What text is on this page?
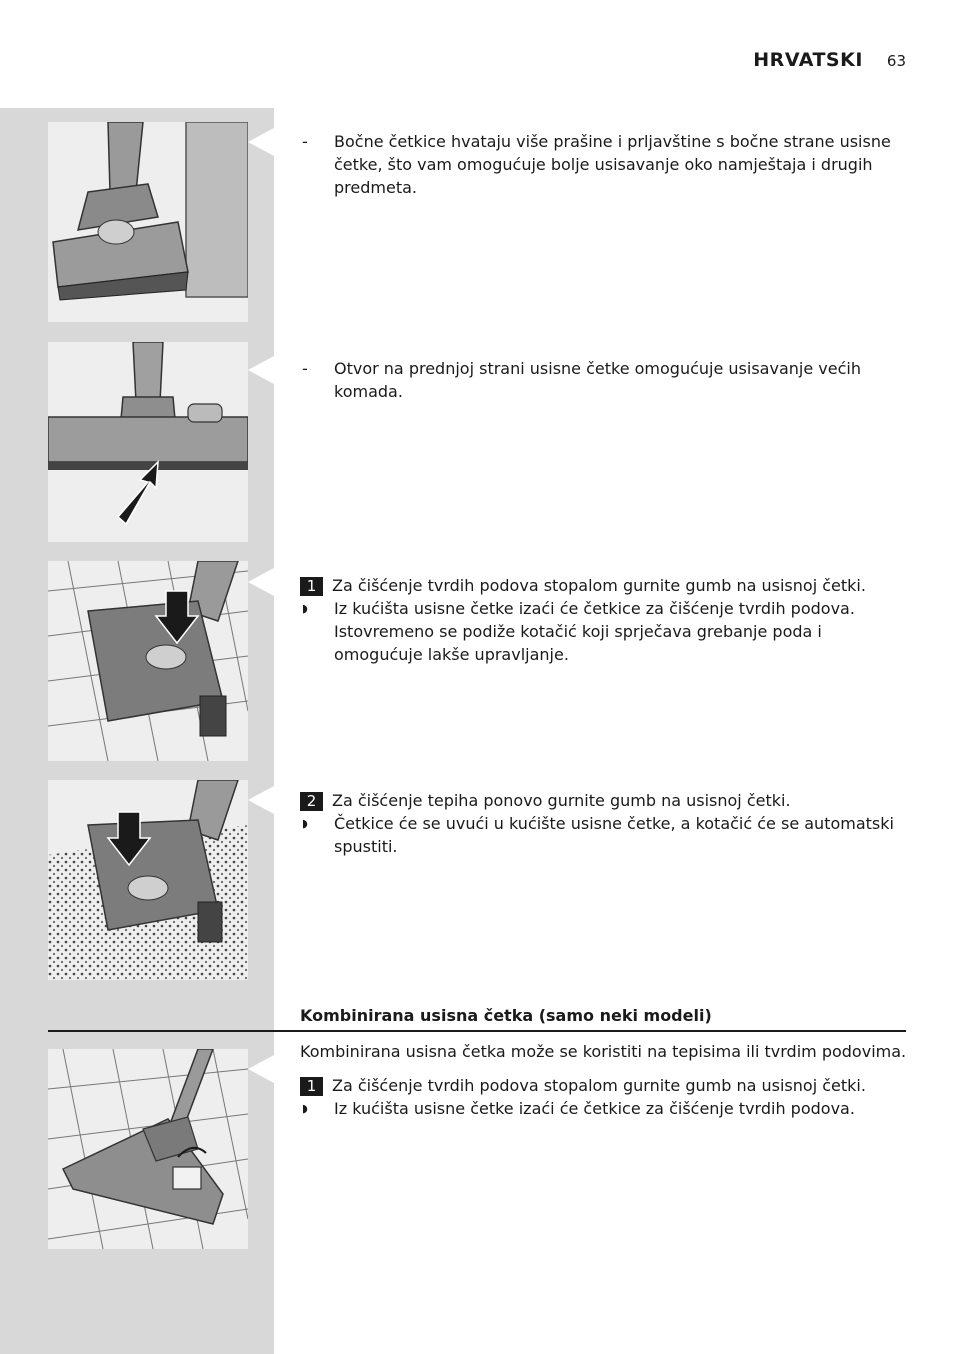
HRVATSKI 63
-	Bočne četkice hvataju više prašine i prljavštine s bočne strane usisne četke, što vam omogućuje bolje usisavanje oko namještaja i drugih predmeta.
-	Otvor na prednjoj strani usisne četke omogućuje usisavanje većih komada.
1 Za čišćenje tvrdih podova stopalom gurnite gumb na usisnoj četki.
◗	Iz kućišta usisne četke izaći će četkice za čišćenje tvrdih podova. Istovremeno se podiže kotačić koji sprječava grebanje poda i omogućuje lakše upravljanje.
2 Za čišćenje tepiha ponovo gurnite gumb na usisnoj četki.
◗	Četkice će se uvući u kućište usisne četke, a kotačić će se automatski spustiti.
Kombinirana usisna četka (samo neki modeli)
Kombinirana usisna četka može se koristiti na tepisima ili tvrdim podovima.
1 Za čišćenje tvrdih podova stopalom gurnite gumb na usisnoj četki.
◗	Iz kućišta usisne četke izaći će četkice za čišćenje tvrdih podova.
